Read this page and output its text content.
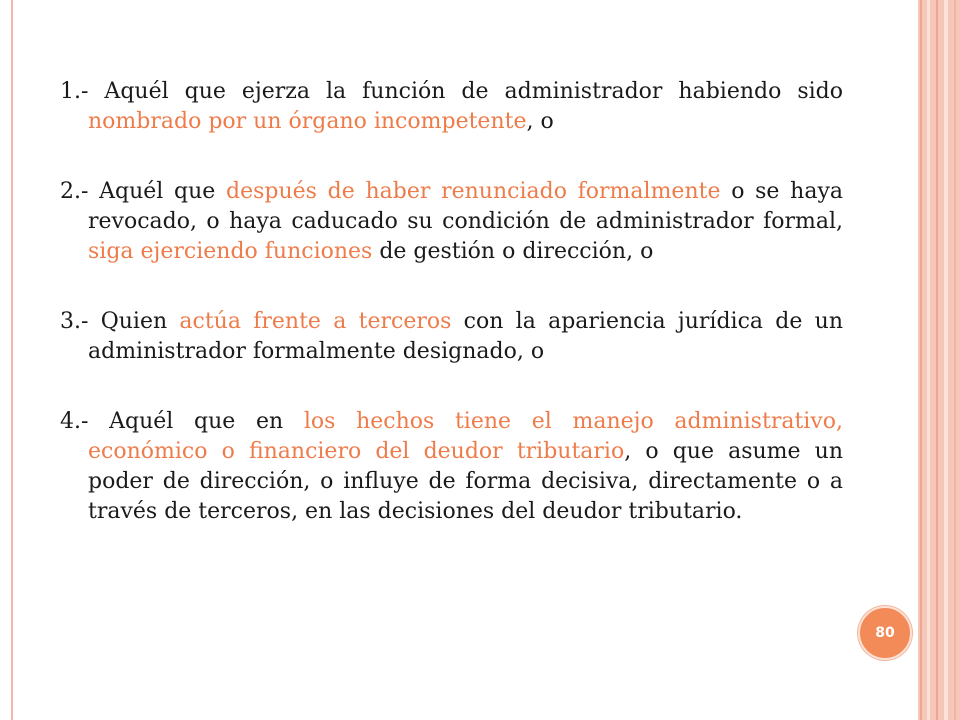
1.- Aquél que ejerza la función de administrador habiendo sido nombrado por un órgano incompetente, o

2.- Aquél que después de haber renunciado formalmente o se haya revocado, o haya caducado su condición de administrador formal, siga ejerciendo funciones de gestión o dirección, o

3.- Quien actúa frente a terceros con la apariencia jurídica de un administrador formalmente designado, o

4.- Aquél que en los hechos tiene el manejo administrativo, económico o financiero del deudor tributario, o que asume un poder de dirección, o influye de forma decisiva, directamente o a través de terceros, en las decisiones del deudor tributario.

80
